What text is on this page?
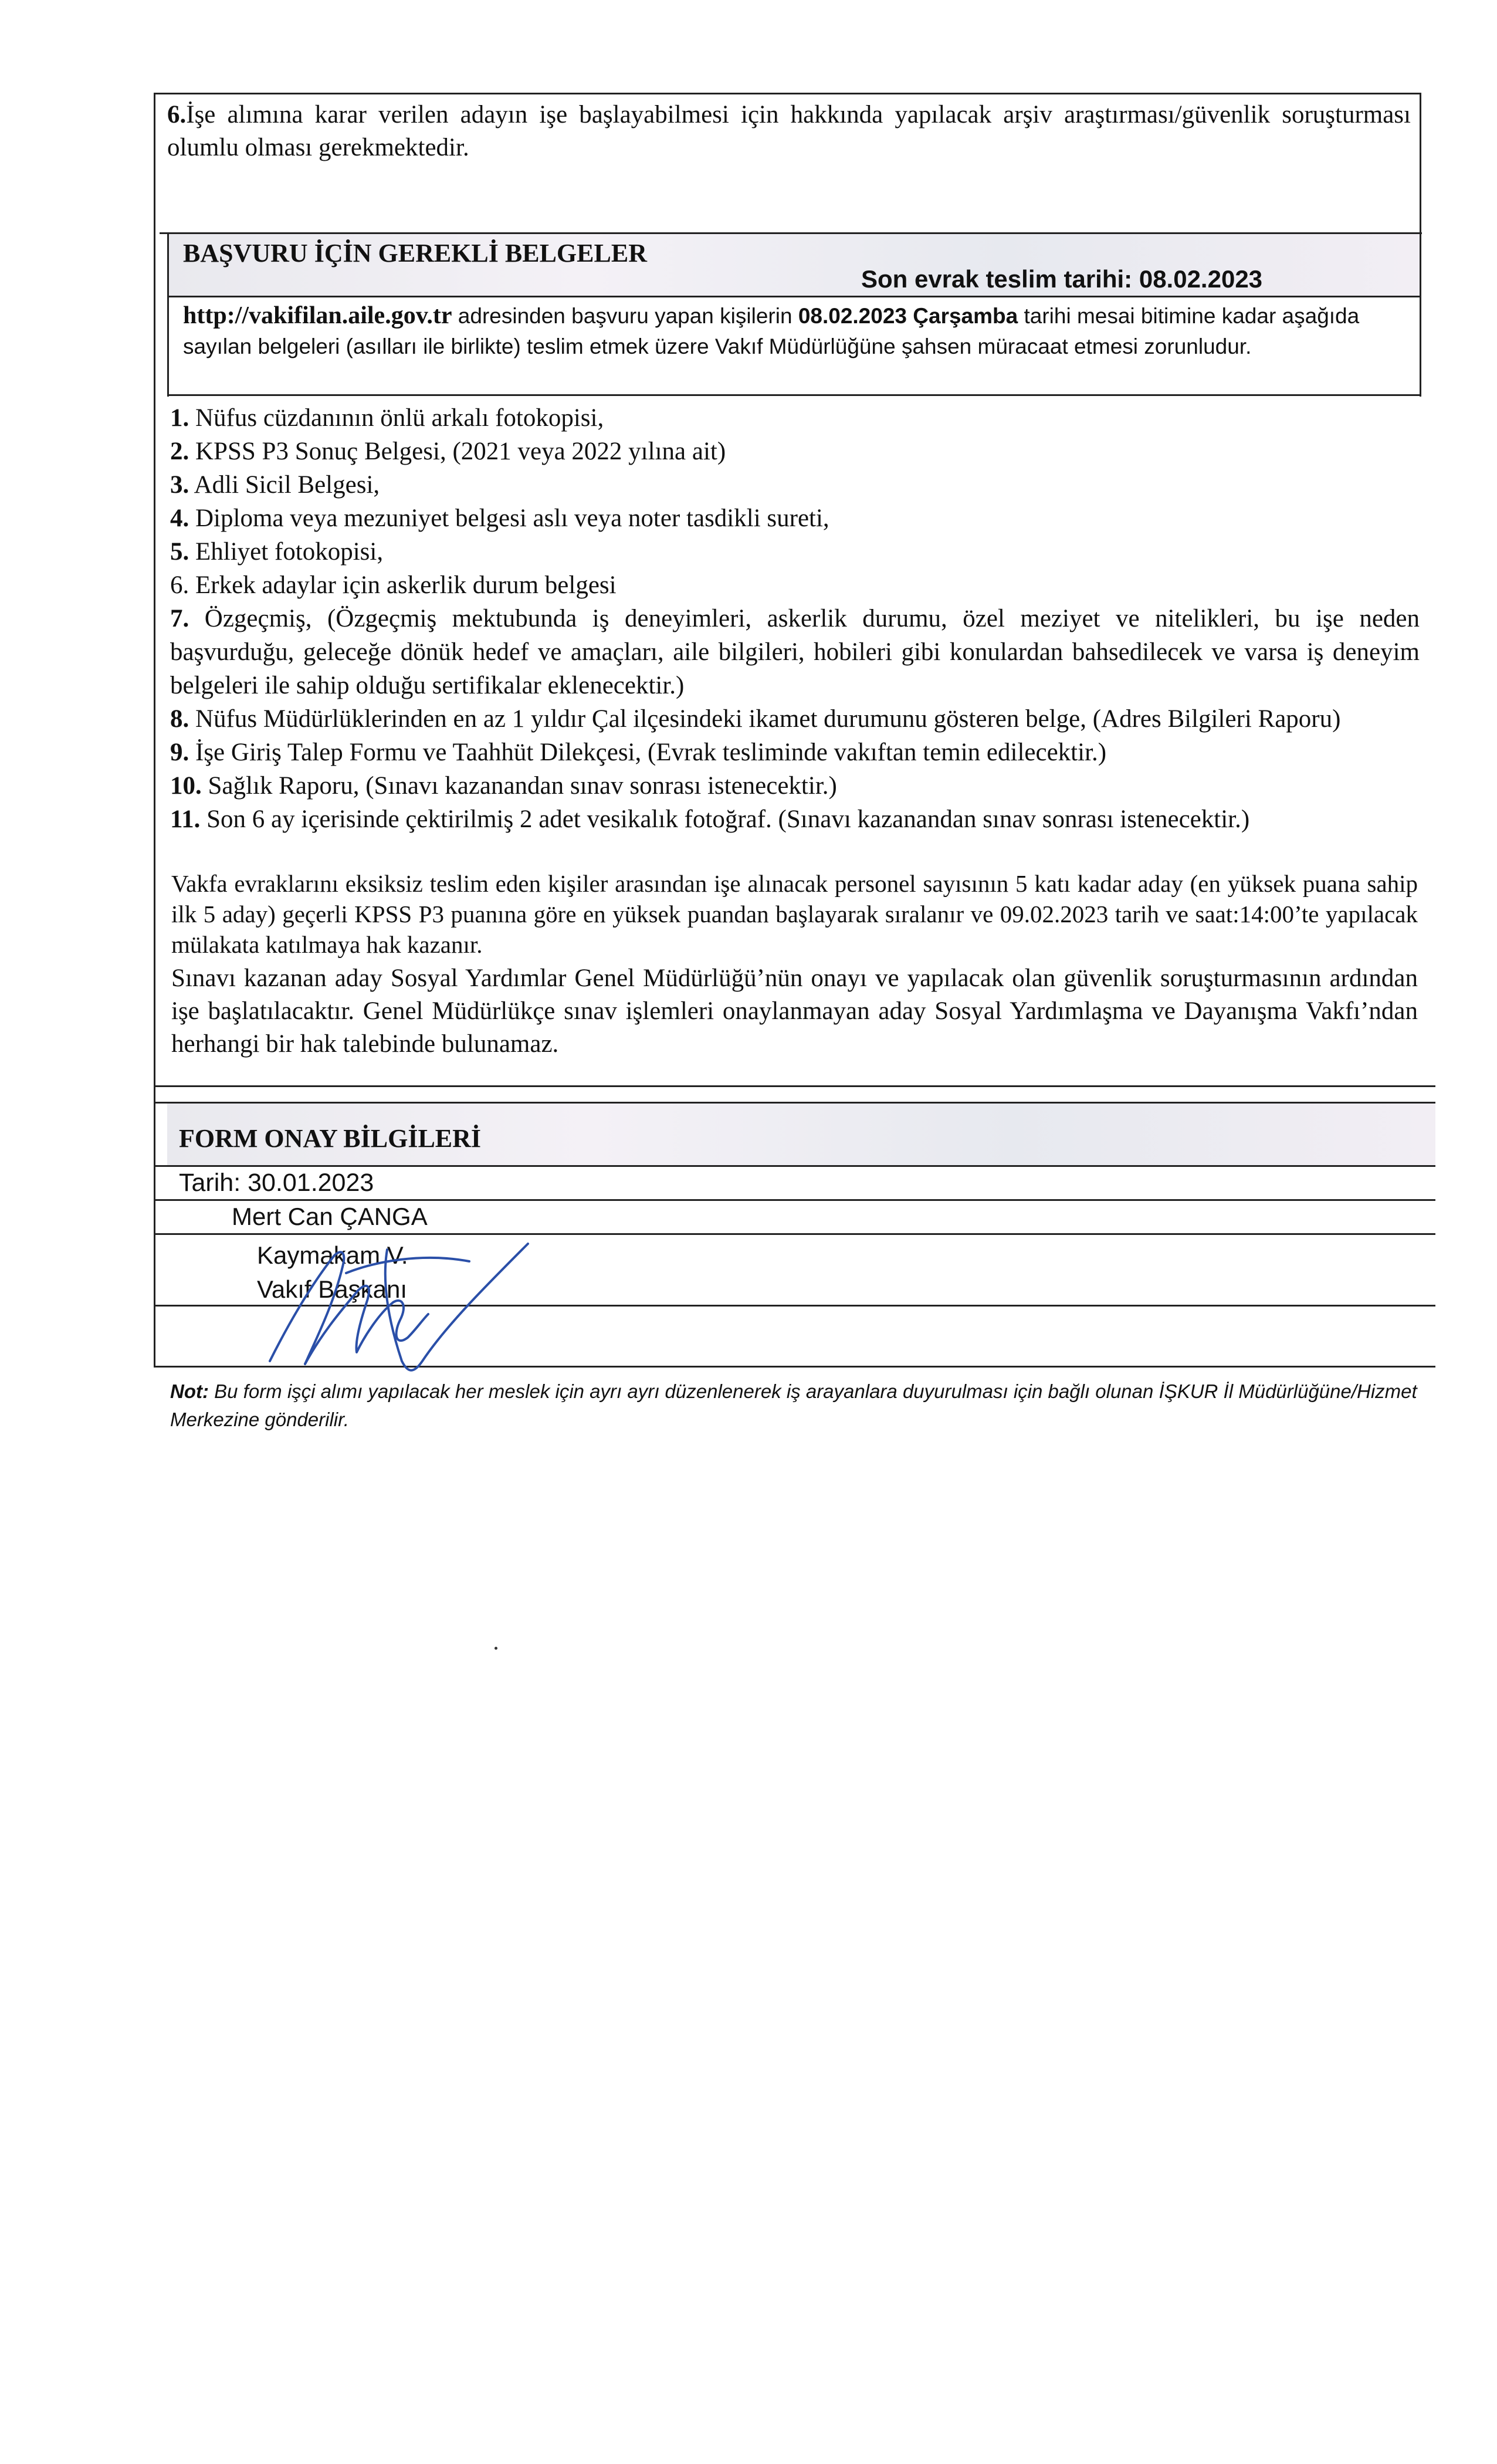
6.İşe alımına karar verilen adayın işe başlayabilmesi için hakkında yapılacak arşiv araştırması/güvenlik soruşturması olumlu olması gerekmektedir.
BAŞVURU İÇİN GEREKLİ BELGELER
Son evrak teslim tarihi: 08.02.2023
http://vakifilan.aile.gov.tr adresinden başvuru yapan kişilerin 08.02.2023 Çarşamba tarihi mesai bitimine kadar aşağıda sayılan belgeleri (asılları ile birlikte) teslim etmek üzere Vakıf Müdürlüğüne şahsen müracaat etmesi zorunludur.
1. Nüfus cüzdanının önlü arkalı fotokopisi,
2. KPSS P3 Sonuç Belgesi, (2021 veya 2022 yılına ait)
3. Adli Sicil Belgesi,
4. Diploma veya mezuniyet belgesi aslı veya noter tasdikli sureti,
5. Ehliyet fotokopisi,
6. Erkek adaylar için askerlik durum belgesi
7. Özgeçmiş, (Özgeçmiş mektubunda iş deneyimleri, askerlik durumu, özel meziyet ve nitelikleri, bu işe neden başvurduğu, geleceğe dönük hedef ve amaçları, aile bilgileri, hobileri gibi konulardan bahsedilecek ve varsa iş deneyim belgeleri ile sahip olduğu sertifikalar eklenecektir.)
8. Nüfus Müdürlüklerinden en az 1 yıldır Çal ilçesindeki ikamet durumunu gösteren belge, (Adres Bilgileri Raporu)
9. İşe Giriş Talep Formu ve Taahhüt Dilekçesi, (Evrak tesliminde vakıftan temin edilecektir.)
10. Sağlık Raporu, (Sınavı kazanandan sınav sonrası istenecektir.)
11. Son 6 ay içerisinde çektirilmiş 2 adet vesikalık fotoğraf. (Sınavı kazanandan sınav sonrası istenecektir.)
Vakfa evraklarını eksiksiz teslim eden kişiler arasından işe alınacak personel sayısının 5 katı kadar aday (en yüksek puana sahip ilk 5 aday) geçerli KPSS P3 puanına göre en yüksek puandan başlayarak sıralanır ve 09.02.2023 tarih ve saat:14:00’te yapılacak mülakata katılmaya hak kazanır.
Sınavı kazanan aday Sosyal Yardımlar Genel Müdürlüğü’nün onayı ve yapılacak olan güvenlik soruşturmasının ardından işe başlatılacaktır. Genel Müdürlükçe sınav işlemleri onaylanmayan aday Sosyal Yardımlaşma ve Dayanışma Vakfı’ndan herhangi bir hak talebinde bulunamaz.
FORM ONAY BİLGİLERİ
Tarih: 30.01.2023
Mert Can ÇANGA
Kaymakam V.
Vakıf Başkanı
Not: Bu form işçi alımı yapılacak her meslek için ayrı ayrı düzenlenerek iş arayanlara duyurulması için bağlı olunan İŞKUR İl Müdürlüğüne/Hizmet Merkezine gönderilir.
